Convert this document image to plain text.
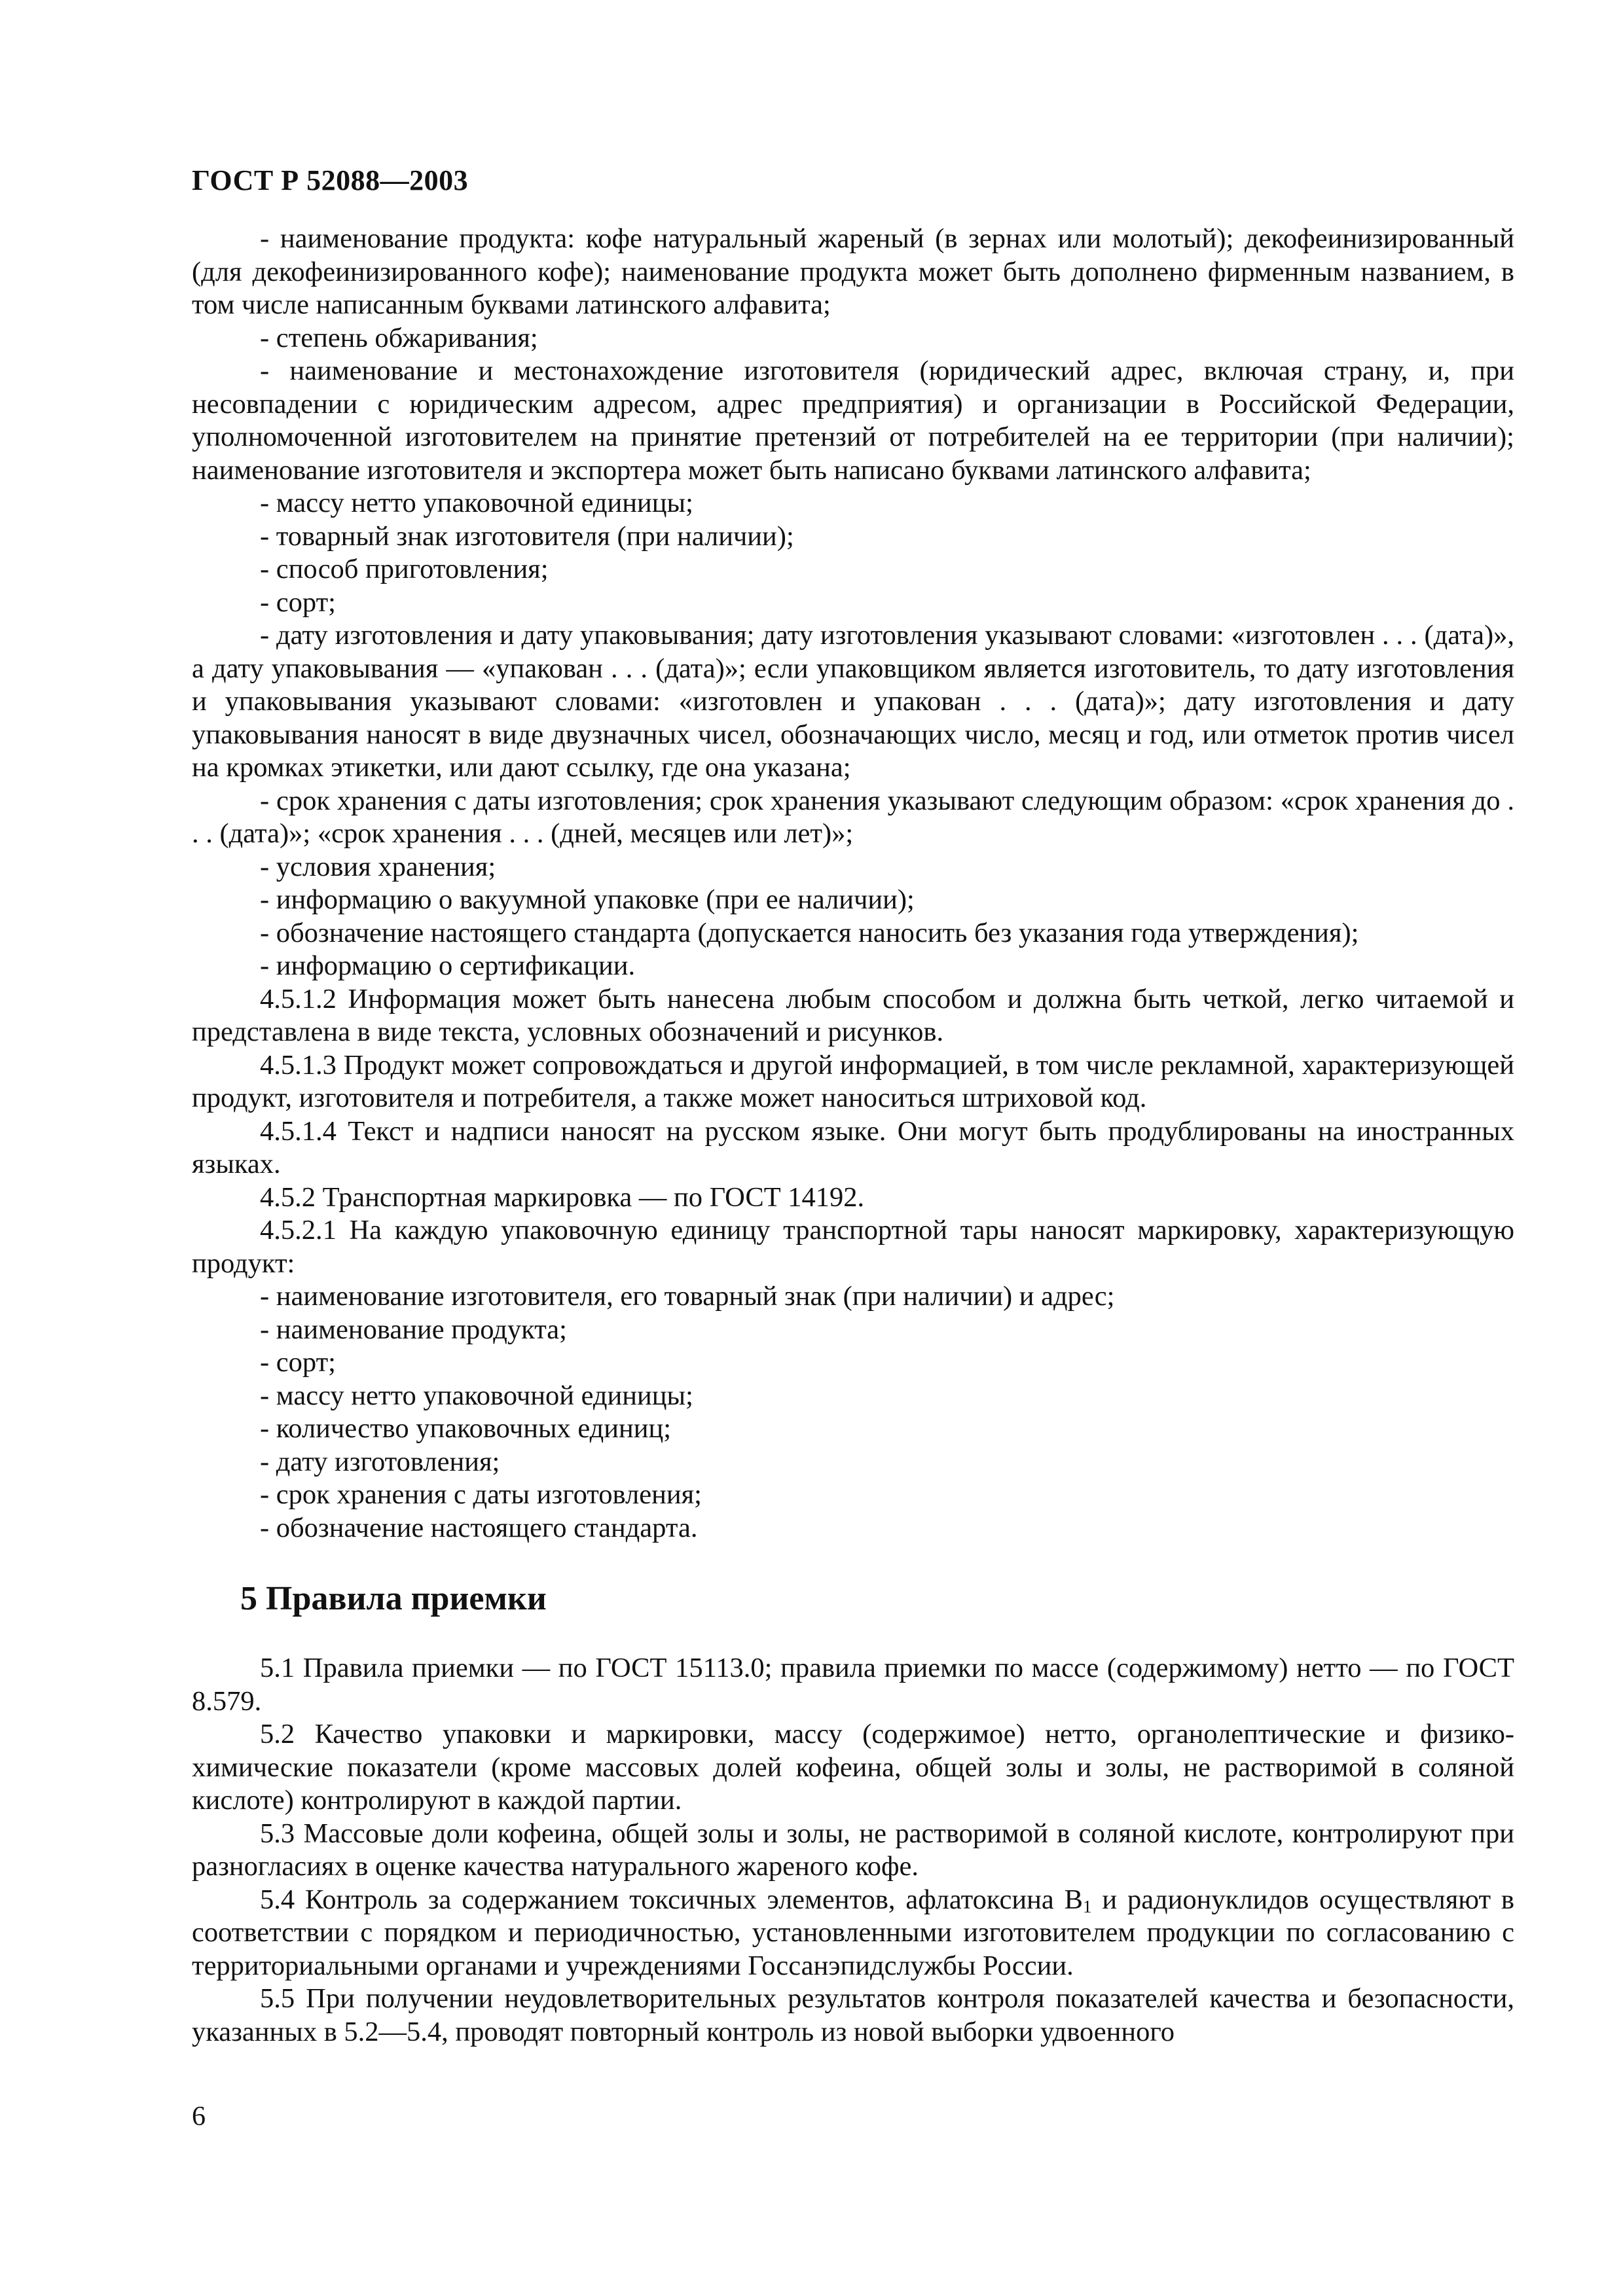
ГОСТ Р 52088—2003

- наименование продукта: кофе натуральный жареный (в зернах или молотый); декофеинизированный (для декофеинизированного кофе); наименование продукта может быть дополнено фирменным названием, в том числе написанным буквами латинского алфавита;

- степень обжаривания;

- наименование и местонахождение изготовителя (юридический адрес, включая страну, и, при несовпадении с юридическим адресом, адрес предприятия) и организации в Российской Федерации, уполномоченной изготовителем на принятие претензий от потребителей на ее территории (при наличии); наименование изготовителя и экспортера может быть написано буквами латинского алфавита;

- массу нетто упаковочной единицы;

- товарный знак изготовителя (при наличии);

- способ приготовления;

- сорт;

- дату изготовления и дату упаковывания; дату изготовления указывают словами: «изготовлен . . . (дата)», а дату упаковывания — «упакован . . . (дата)»; если упаковщиком является изготовитель, то дату изготовления и упаковывания указывают словами: «изготовлен и упакован . . . (дата)»; дату изготовления и дату упаковывания наносят в виде двузначных чисел, обозначающих число, месяц и год, или отметок против чисел на кромках этикетки, или дают ссылку, где она указана;

- срок хранения с даты изготовления; срок хранения указывают следующим образом: «срок хранения до . . . (дата)»; «срок хранения . . . (дней, месяцев или лет)»;

- условия хранения;

- информацию о вакуумной упаковке (при ее наличии);

- обозначение настоящего стандарта (допускается наносить без указания года утверждения);

- информацию о сертификации.

4.5.1.2 Информация может быть нанесена любым способом и должна быть четкой, легко читаемой и представлена в виде текста, условных обозначений и рисунков.

4.5.1.3 Продукт может сопровождаться и другой информацией, в том числе рекламной, характеризующей продукт, изготовителя и потребителя, а также может наноситься штриховой код.

4.5.1.4 Текст и надписи наносят на русском языке. Они могут быть продублированы на иностранных языках.

4.5.2 Транспортная маркировка — по ГОСТ 14192.

4.5.2.1 На каждую упаковочную единицу транспортной тары наносят маркировку, характеризующую продукт:

- наименование изготовителя, его товарный знак (при наличии) и адрес;

- наименование продукта;

- сорт;

- массу нетто упаковочной единицы;

- количество упаковочных единиц;

- дату изготовления;

- срок хранения с даты изготовления;

- обозначение настоящего стандарта.

5 Правила приемки

5.1 Правила приемки — по ГОСТ 15113.0; правила приемки по массе (содержимому) нетто — по ГОСТ 8.579.

5.2 Качество упаковки и маркировки, массу (содержимое) нетто, органолептические и физико-химические показатели (кроме массовых долей кофеина, общей золы и золы, не растворимой в соляной кислоте) контролируют в каждой партии.

5.3 Массовые доли кофеина, общей золы и золы, не растворимой в соляной кислоте, контролируют при разногласиях в оценке качества натурального жареного кофе.

5.4 Контроль за содержанием токсичных элементов, афлатоксина $В_1$ и радионуклидов осуществляют в соответствии с порядком и периодичностью, установленными изготовителем продукции по согласованию с территориальными органами и учреждениями Госсанэпидслужбы России.

5.5 При получении неудовлетворительных результатов контроля показателей качества и безопасности, указанных в 5.2—5.4, проводят повторный контроль из новой выборки удвоенного

6
